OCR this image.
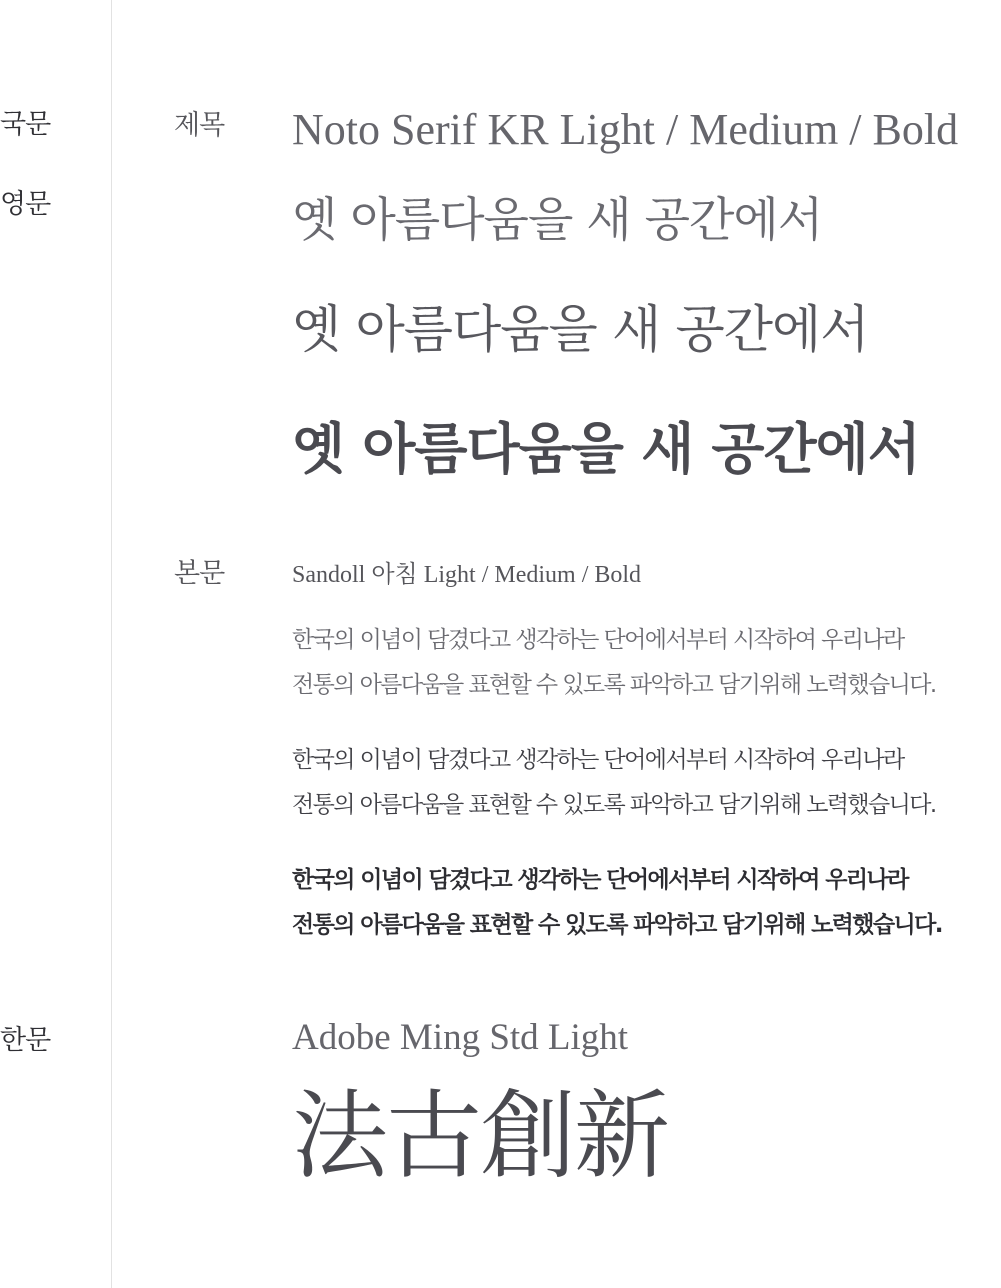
국문
영문
한문
제목
본문
Noto Serif KR Light / Medium / Bold
옛 아름다움을 새 공간에서
옛 아름다움을 새 공간에서
옛 아름다움을 새 공간에서
Sandoll 아침 Light / Medium / Bold
한국의 이념이 담겼다고 생각하는 단어에서부터 시작하여 우리나라
전통의 아름다움을 표현할 수 있도록 파악하고 담기위해 노력했습니다.
한국의 이념이 담겼다고 생각하는 단어에서부터 시작하여 우리나라
전통의 아름다움을 표현할 수 있도록 파악하고 담기위해 노력했습니다.
한국의 이념이 담겼다고 생각하는 단어에서부터 시작하여 우리나라
전통의 아름다움을 표현할 수 있도록 파악하고 담기위해 노력했습니다.
Adobe Ming Std Light
法古創新
